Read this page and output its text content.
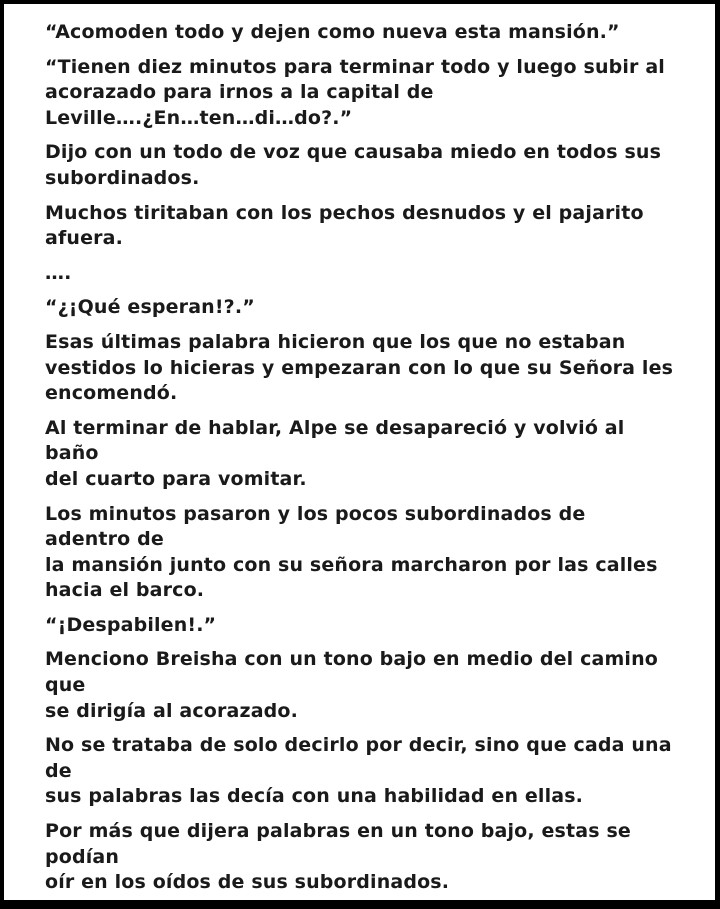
“Acomoden todo y dejen como nueva esta mansión.”
“Tienen diez minutos para terminar todo y luego subir al
acorazado para irnos a la capital de
Leville….¿En…ten…di…do?.”
Dijo con un todo de voz que causaba miedo en todos sus
subordinados.
Muchos tiritaban con los pechos desnudos y el pajarito
afuera.
….
“¿¡Qué esperan!?.”
Esas últimas palabra hicieron que los que no estaban
vestidos lo hicieras y empezaran con lo que su Señora les
encomendó.
Al terminar de hablar, Alpe se desapareció y volvió al baño
del cuarto para vomitar.
Los minutos pasaron y los pocos subordinados de adentro de
la mansión junto con su señora marcharon por las calles
hacia el barco.
“¡Despabilen!.”
Menciono Breisha con un tono bajo en medio del camino que
se dirigía al acorazado.
No se trataba de solo decirlo por decir, sino que cada una de
sus palabras las decía con una habilidad en ellas.
Por más que dijera palabras en un tono bajo, estas se podían
oír en los oídos de sus subordinados.
